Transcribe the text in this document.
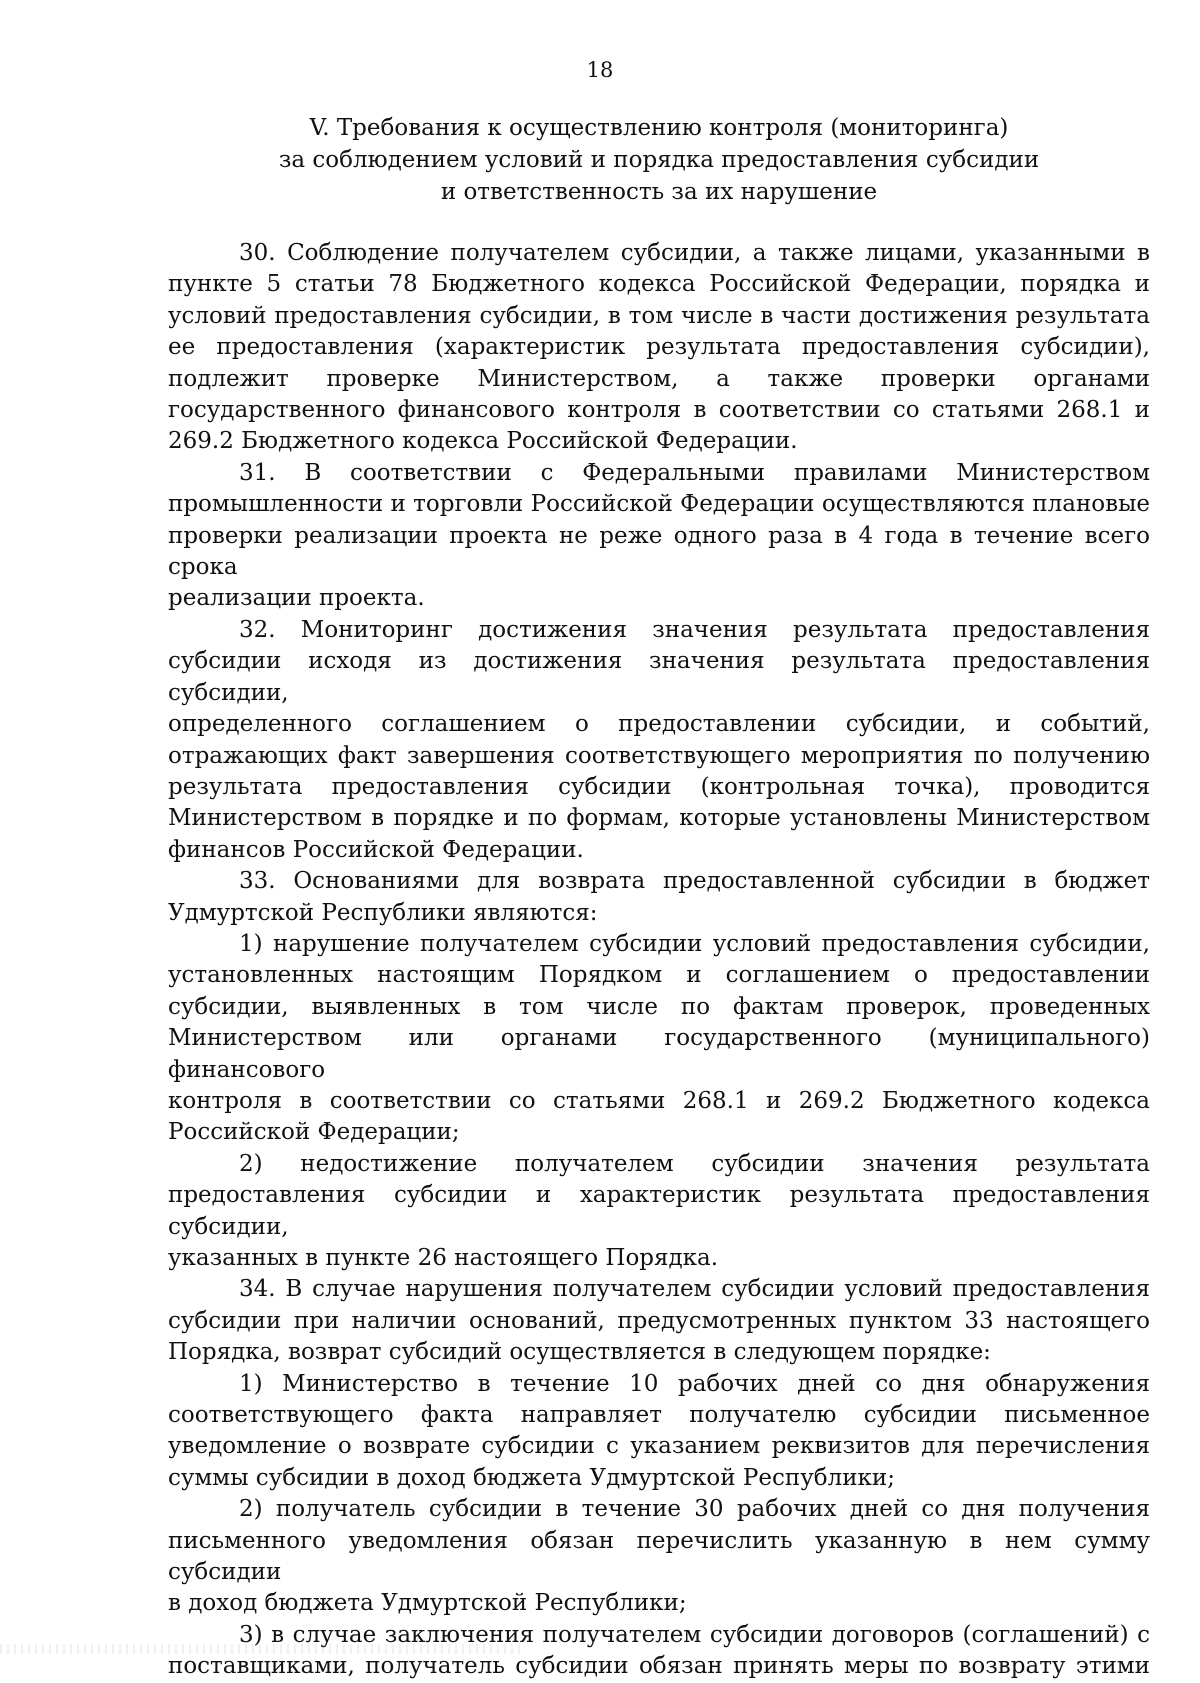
18
V. Требования к осуществлению контроля (мониторинга)
за соблюдением условий и порядка предоставления субсидии
и ответственность за их нарушение

30. Соблюдение получателем субсидии, а также лицами, указанными в
пункте 5 статьи 78 Бюджетного кодекса Российской Федерации, порядка и
условий предоставления субсидии, в том числе в части достижения результата
ее предоставления (характеристик результата предоставления субсидии),
подлежит проверке Министерством, а также проверки органами
государственного финансового контроля в соответствии со статьями 268.1 и
269.2 Бюджетного кодекса Российской Федерации.

31. В соответствии с Федеральными правилами Министерством
промышленности и торговли Российской Федерации осуществляются плановые
проверки реализации проекта не реже одного раза в 4 года в течение всего срока
реализации проекта.

32. Мониторинг достижения значения результата предоставления
субсидии исходя из достижения значения результата предоставления субсидии,
определенного соглашением о предоставлении субсидии, и событий,
отражающих факт завершения соответствующего мероприятия по получению
результата предоставления субсидии (контрольная точка), проводится
Министерством в порядке и по формам, которые установлены Министерством
финансов Российской Федерации.

33. Основаниями для возврата предоставленной субсидии в бюджет
Удмуртской Республики являются:

1) нарушение получателем субсидии условий предоставления субсидии,
установленных настоящим Порядком и соглашением о предоставлении
субсидии, выявленных в том числе по фактам проверок, проведенных
Министерством или органами государственного (муниципального) финансового
контроля в соответствии со статьями 268.1 и 269.2 Бюджетного кодекса
Российской Федерации;

2) недостижение получателем субсидии значения результата
предоставления субсидии и характеристик результата предоставления субсидии,
указанных в пункте 26 настоящего Порядка.

34. В случае нарушения получателем субсидии условий предоставления
субсидии при наличии оснований, предусмотренных пунктом 33 настоящего
Порядка, возврат субсидий осуществляется в следующем порядке:

1) Министерство в течение 10 рабочих дней со дня обнаружения
соответствующего факта направляет получателю субсидии письменное
уведомление о возврате субсидии с указанием реквизитов для перечисления
суммы субсидии в доход бюджета Удмуртской Республики;

2) получатель субсидии в течение 30 рабочих дней со дня получения
письменного уведомления обязан перечислить указанную в нем сумму субсидии
в доход бюджета Удмуртской Республики;

3) в случае заключения получателем субсидии договоров (соглашений) с
поставщиками, получатель субсидии обязан принять меры по возврату этими
